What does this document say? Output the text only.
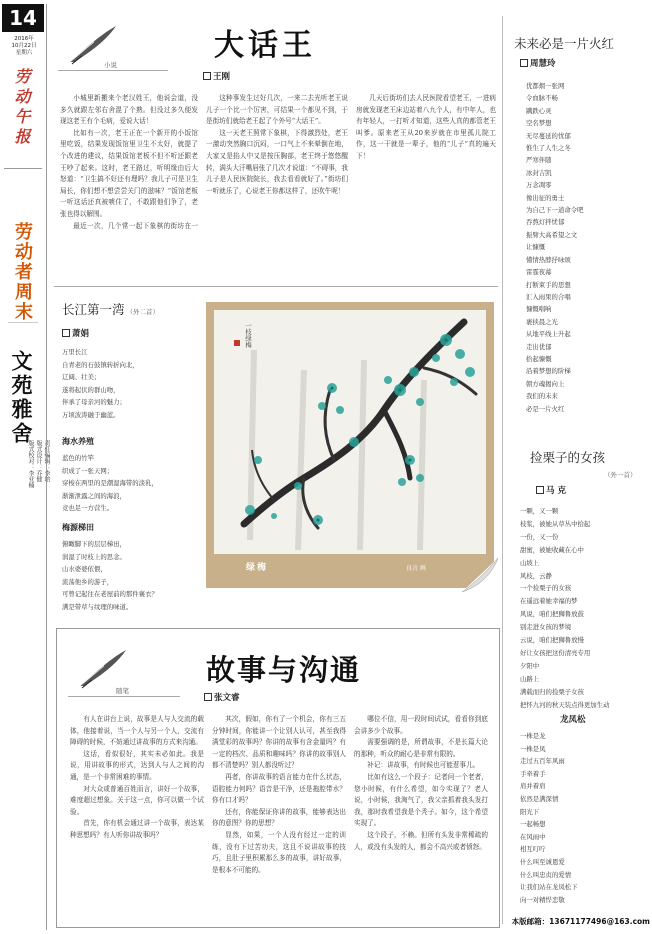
14
2016年
10月22日
星期六
劳动午报
劳动者周末
文苑雅舍
版式设计：乔健
版式校对：李亚楠
小说
大话王
王刚

小城里新搬来个老汉姓王，他说会道，没多久就跟左邻右舍混了个熟。但没过多久便发现这老王有个毛病，爱说大话！

比如有一次，老王正在一个新开的小饭馆里吃饭，结果发现饭馆里卫生不太好，就提了个改进的建议，结果饭馆老板不但不听还跟老王吵了起来。这时，老王路过，听明缘由后大怒道：“卫生搞不好还有理吗？我儿子可是卫生局长，你们想不想尝尝关门的滋味？”饭馆老板一听这话还真被唬住了，不敢跟他们争了，老张也得以解围。

最近一次，几个常一起下象棋的街坊在一

这种事发生过好几次，一来二去光听老王说儿子一个比一个厉害，可结果一个都见不到，于是街坊们就给老王起了个外号“大话王”。

这一天老王照常下象棋，下得激烈处，老王一激动突然胸口沉闷，一口气上不来晕倒在地，大家又是掐人中又是按压胸部，老王终于悠悠醒转，满头大汗嘴唇张了几次才说道：“不碍事，我儿子是人民医院院长，我去看看就好了。”街坊们一听就乐了，心说老王你都这样了，还吹牛呢！

几天后街坊们去人民医院看望老王，一进病房就发现老王床边站着八九个人，有中年人，也有年轻人，一打听才知道，这些人真的都管老王叫爹。原来老王从20来岁就在市里孤儿院工作，这一干就是一辈子，他的“儿子”真的遍天下！

未来必是一片火红
周慧玲
优都烟一张网
令血脉不畅
蹒跌心灵
空名梦想
无尽蔓延的忧郁
惟生了人生之冬
严寒伴随
冰封吉凯
万念凋零
像出征的勇士
为自己下一道命令吧
吞熬灯拌忧郁
振臂大高希望之文
让慷慨
懂情热脖抒咏颂
雷霆夜幕
打断束手的思想
汇入雨果的合唱
慷慨唱响
裹挟晨之光
从地平线上升起
走出优郁
拾起慷慨
沿着梦想的阶梯
朝方魂揭向上
我们的未来
必是一片火红
捡栗子的女孩
（外一首）
马 克
一颗，又一颗
枝浆，被她从草丛中拾起
一份，又一份
甜蜜，被她收藏在心中
山坡上
风枝，云静
一个捡栗子的女孩
在遥远着她幸福的梦
风说，咱们把狮鲁放鼓
别走进女孩的梦境
云说，咱们把狮鲁放慢
好让女孩把这份清亮专用
夕阳中
山路上
满载而归的捡栗子女孩
把怀九河的秋天装点得更加生动
龙凤松
一株是龙
一株是凤
走过五百年风雨
手牵着手
肩并着肩
依然是满深情
阳光下
一起畅想
在风雨中
相互叮咛
什么叫至诚恩爱
什么叫忠贞的爱情
让我们站在龙凤松下
向一对精悍恋敬
长江第一湾 （外二首）
萧娟
万里长江
自青老的石鼓镇转折向北，
辽阔、壮美；
遂将起伏的群山吻，
伴承了母亲河的魅力；
万顷波涛融于幽蓝。
海水养殖
蓝色的竹竿
织成了一张天网；
穿梭在两里的是潮湿海带的淡乳，
渐渐泄露之间的海浪，
竞也足一方营生。
梅源梯田
俯瞰脚下的层层梯田，
润湿了时枝上的思念。
山水婆婆依偎，
流荡他乡的游子，
可曾记起往在老屋前的那件襄衣？
满是带草与纹理的味道。
一枝绿梅
绿梅	良言 画
随笔
故事与沟通
张文睿

有人在讲台上说，故事是人与人交流的载体，他接着说，当一个人与另一个人，交流有障碍的时候，不妨通过讲故事的方式来沟通。

这话，看似很好，其实未必如此。我是说，用讲故事的形式，达到人与人之间的沟通，是一个非常困难的事情。

对大众或普通百姓而言，讲好一个故事，难度超过想象。关于这一点，你可以做一个试验。

首先，你有机会通过讲一个故事，表达某种思想吗？有人听你讲故事吗？

其次，假如，你有了一个机会，你有三五分钟时间，你能讲一个让别人认可，甚至我得满堂彩的故事吗？你讲的故事有含金量吗？有一定的档次、品质和趣味吗？你讲的故事别人都不清楚吗？别人都没听过？

再者，你讲故事的语言能力在什么状态，语腔能力何吗？语音是干净，还是拖腔带水？你有口才吗？

还有，你能保证你讲的故事，能够表达出你的意图？你的思想？

显然，如果，一个人没有经过一定的训练，没有下过苦功夫，这且不说讲故事的技巧，且肚子里积累那么多的故事，讲好故事，是根本不可能的。

哪位不信，用一段时间试试，看看你到底会讲多少个故事。

需要强调的是，所谓故事，不是长篇大论的那种，听众的耐心是非常有限的。

补记：讲故事，有时候也可能惹事儿。

比如有这么一个段子：记者问一个老者，您小时候，有什么希望，如今实现了？老人说，小时候，我淘气了，我父亲抓着我头发打我，那时我希望我是个秃子。如今，这个希望实现了。

这个段子，不赖。但所有头发非常稀疏的人，或没有头发的人，都会不高兴或者愤怒。

本版邮箱：13671177496@163.com
